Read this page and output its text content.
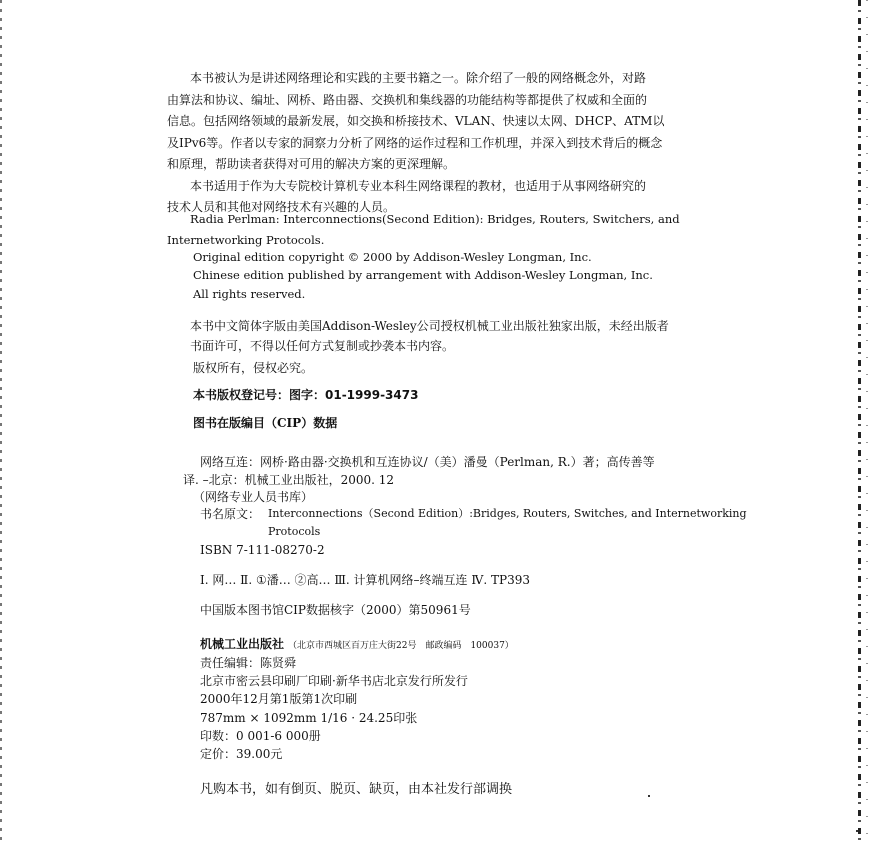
本书被认为是讲述网络理论和实践的主要书籍之一。除介绍了一般的网络概念外，对路
由算法和协议、编址、网桥、路由器、交换机和集线器的功能结构等都提供了权威和全面的
信息。包括网络领域的最新发展，如交换和桥接技术、VLAN、快速以太网、DHCP、ATM以
及IPv6等。作者以专家的洞察力分析了网络的运作过程和工作机理，并深入到技术背后的概念
和原理，帮助读者获得对可用的解决方案的更深理解。
本书适用于作为大专院校计算机专业本科生网络课程的教材，也适用于从事网络研究的
技术人员和其他对网络技术有兴趣的人员。
Radia Perlman: Interconnections(Second Edition): Bridges, Routers, Switchers, and
Internetworking Protocols.
Original edition copyright © 2000 by Addison-Wesley Longman, Inc.
Chinese edition published by arrangement with Addison-Wesley Longman, Inc.
All rights reserved.
本书中文简体字版由美国Addison-Wesley公司授权机械工业出版社独家出版，未经出版者
书面许可，不得以任何方式复制或抄袭本书内容。
版权所有，侵权必究。
本书版权登记号：图字：01-1999-3473
图书在版编目（CIP）数据
网络互连：网桥·路由器·交换机和互连协议/（美）潘曼（Perlman, R.）著；高传善等
译. –北京：机械工业出版社，2000. 12
（网络专业人员书库）
书名原文： Interconnections（Second Edition）:Bridges, Routers, Switches, and Internetworking
Protocols
ISBN 7-111-08270-2
Ⅰ. 网… Ⅱ. ①潘… ②高… Ⅲ. 计算机网络–终端互连 Ⅳ. TP393
中国版本图书馆CIP数据核字（2000）第50961号
机械工业出版社 （北京市西城区百万庄大街22号　邮政编码　100037）
责任编辑：陈贤舜
北京市密云县印刷厂印刷·新华书店北京发行所发行
2000年12月第1版第1次印刷
787mm × 1092mm 1/16 · 24.25印张
印数：0 001-6 000册
定价：39.00元
凡购本书，如有倒页、脱页、缺页，由本社发行部调换
